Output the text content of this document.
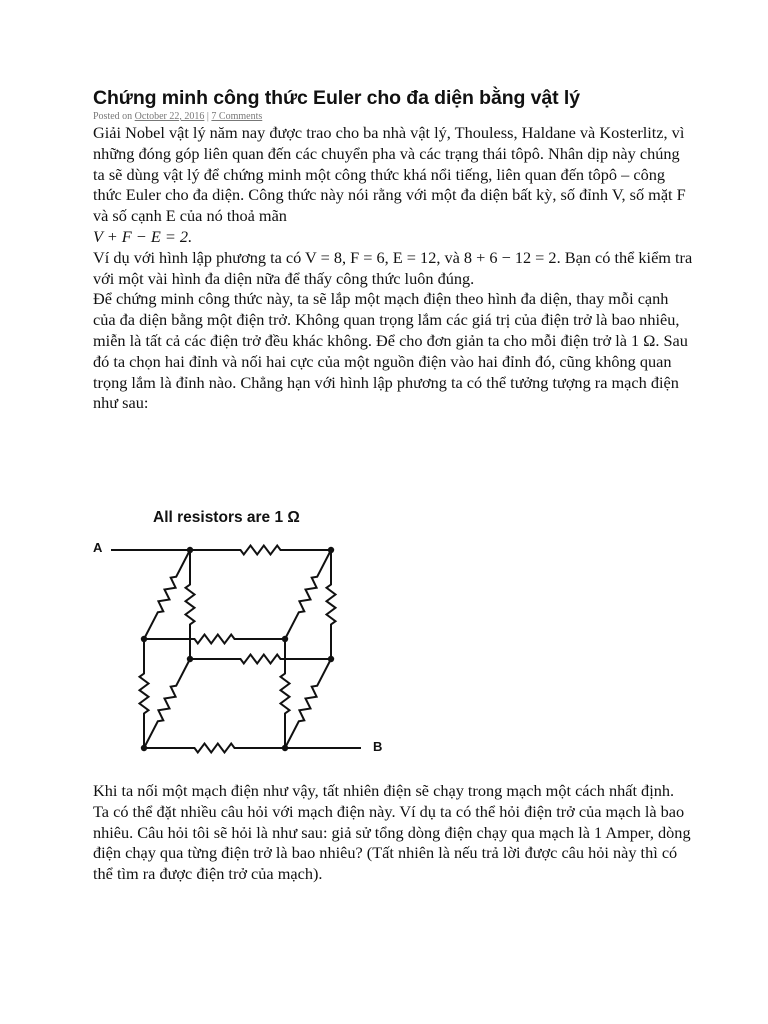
Chứng minh công thức Euler cho đa diện bằng vật lý
Posted on October 22, 2016 | 7 Comments

Giải Nobel vật lý năm nay được trao cho ba nhà vật lý, Thouless, Haldane và Kosterlitz, vì những đóng góp liên quan đến các chuyển pha và các trạng thái tôpô. Nhân dịp này chúng ta sẽ dùng vật lý để chứng minh một công thức khá nổi tiếng, liên quan đến tôpô – công thức Euler cho đa diện. Công thức này nói rằng với một đa diện bất kỳ, số đỉnh V, số mặt F và số cạnh E của nó thoả mãn

V + F − E = 2.

Ví dụ với hình lập phương ta có V = 8, F = 6, E = 12, và 8 + 6 − 12 = 2. Bạn có thể kiểm tra với một vài hình đa diện nữa để thấy công thức luôn đúng.

Để chứng minh công thức này, ta sẽ lắp một mạch điện theo hình đa diện, thay mỗi cạnh của đa diện bằng một điện trở. Không quan trọng lắm các giá trị của điện trở là bao nhiêu, miễn là tất cả các điện trở đều khác không. Để cho đơn giản ta cho mỗi điện trở là 1 Ω. Sau đó ta chọn hai đỉnh và nối hai cực của một nguồn điện vào hai đỉnh đó, cũng không quan trọng lắm là đỉnh nào. Chẳng hạn với hình lập phương ta có thể tưởng tượng ra mạch điện như sau:

All resistors are 1 Ω
A
B

Khi ta nối một mạch điện như vậy, tất nhiên điện sẽ chạy trong mạch một cách nhất định. Ta có thể đặt nhiều câu hỏi với mạch điện này. Ví dụ ta có thể hỏi điện trở của mạch là bao nhiêu. Câu hỏi tôi sẽ hỏi là như sau: giả sử tổng dòng điện chạy qua mạch là 1 Amper, dòng điện chạy qua từng điện trở là bao nhiêu? (Tất nhiên là nếu trả lời được câu hỏi này thì có thể tìm ra được điện trở của mạch).
